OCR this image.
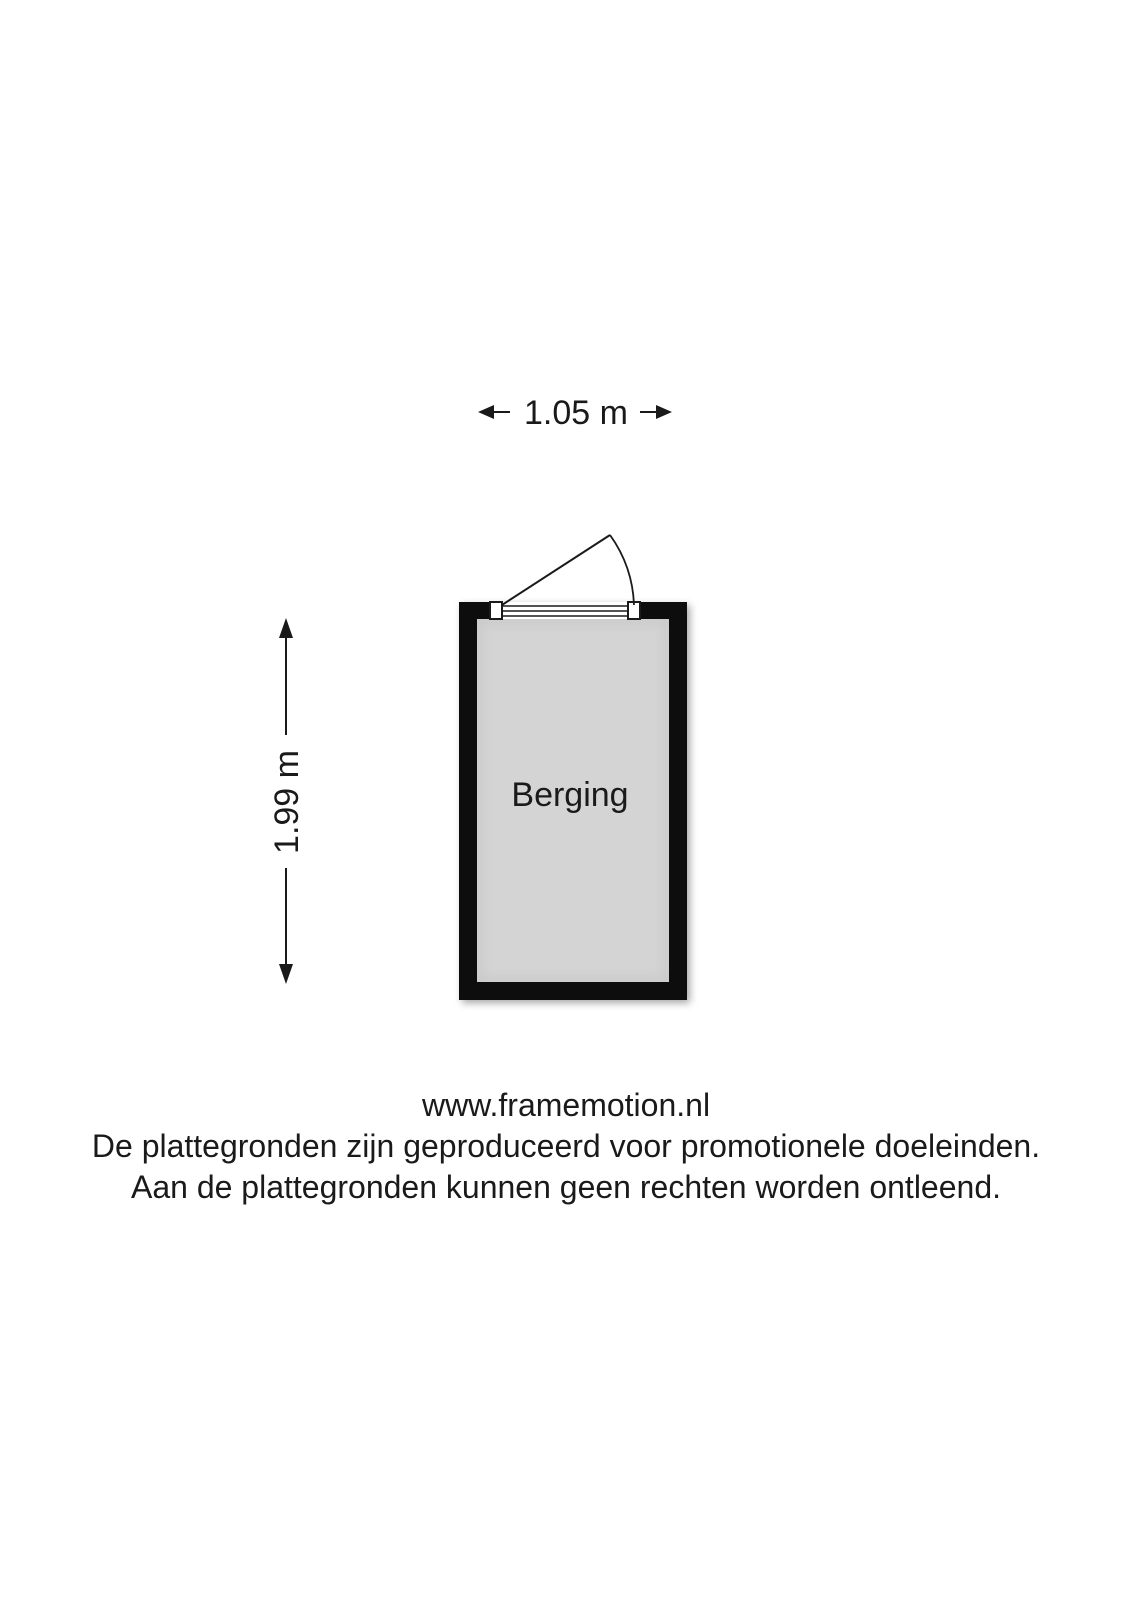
1.05 m
1.99 m	Berging
www.framemotion.nl
De plattegronden zijn geproduceerd voor promotionele doeleinden.
Aan de plattegronden kunnen geen rechten worden ontleend.
